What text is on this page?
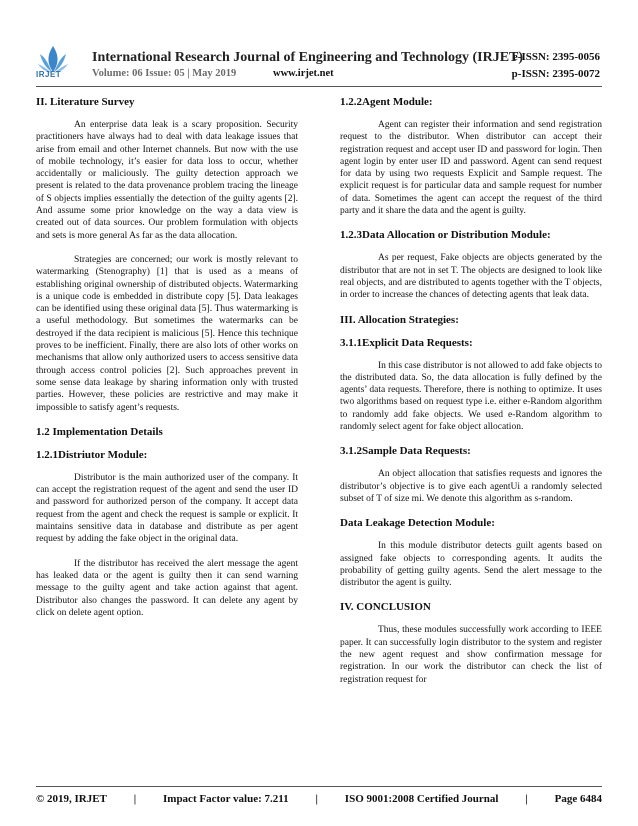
IRJET
International Research Journal of Engineering and Technology (IRJET)
Volume: 06 Issue: 05 | May 2019	www.irjet.net
e-ISSN: 2395-0056
p-ISSN: 2395-0072
II. Literature Survey

An enterprise data leak is a scary proposition. Security practitioners have always had to deal with data leakage issues that arise from email and other Internet channels. But now with the use of mobile technology, it’s easier for data loss to occur, whether accidentally or maliciously. The guilty detection approach we present is related to the data provenance problem tracing the lineage of S objects implies essentially the detection of the guilty agents [2]. And assume some prior knowledge on the way a data view is created out of data sources. Our problem formulation with objects and sets is more general As far as the data allocation.

Strategies are concerned; our work is mostly relevant to watermarking (Stenography) [1] that is used as a means of establishing original ownership of distributed objects. Watermarking is a unique code is embedded in distribute copy [5]. Data leakages can be identified using these original data [5]. Thus watermarking is a useful methodology. But sometimes the watermarks can be destroyed if the data recipient is malicious [5]. Hence this technique proves to be inefficient. Finally, there are also lots of other works on mechanisms that allow only authorized users to access sensitive data through access control policies [2]. Such approaches prevent in some sense data leakage by sharing information only with trusted parties. However, these policies are restrictive and may make it impossible to satisfy agent’s requests.

1.2 Implementation Details
1.2.1Distriutor Module:

Distributor is the main authorized user of the company. It can accept the registration request of the agent and send the user ID and password for authorized person of the company. It accept data request from the agent and check the request is sample or explicit. It maintains sensitive data in database and distribute as per agent request by adding the fake object in the original data.

If the distributor has received the alert message the agent has leaked data or the agent is guilty then it can send warning message to the guilty agent and take action against that agent. Distributor also changes the password. It can delete any agent by click on delete agent option.

1.2.2Agent Module:

Agent can register their information and send registration request to the distributor. When distributor can accept their registration request and accept user ID and password for login. Then agent login by enter user ID and password. Agent can send request for data by using two requests Explicit and Sample request. The explicit request is for particular data and sample request for number of data. Sometimes the agent can accept the request of the third party and it share the data and the agent is guilty.

1.2.3Data Allocation or Distribution Module:

As per request, Fake objects are objects generated by the distributor that are not in set T. The objects are designed to look like real objects, and are distributed to agents together with the T objects, in order to increase the chances of detecting agents that leak data.

III. Allocation Strategies:
3.1.1Explicit Data Requests:

In this case distributor is not allowed to add fake objects to the distributed data. So, the data allocation is fully defined by the agents’ data requests. Therefore, there is nothing to optimize. It uses two algorithms based on request type i.e. either e-Random algorithm to randomly add fake objects. We used e-Random algorithm to randomly select agent for fake object allocation.

3.1.2Sample Data Requests:

An object allocation that satisfies requests and ignores the distributor’s objective is to give each agentUi a randomly selected subset of T of size mi. We denote this algorithm as s-random.

Data Leakage Detection Module:

In this module distributor detects guilt agents based on assigned fake objects to corresponding agents. It audits the probability of getting guilty agents. Send the alert message to the distributor the agent is guilty.

IV. CONCLUSION

Thus, these modules successfully work according to IEEE paper. It can successfully login distributor to the system and register the new agent request and show confirmation message for registration. In our work the distributor can check the list of registration request for

© 2019, IRJET | Impact Factor value: 7.211 | ISO 9001:2008 Certified Journal | Page 6484
